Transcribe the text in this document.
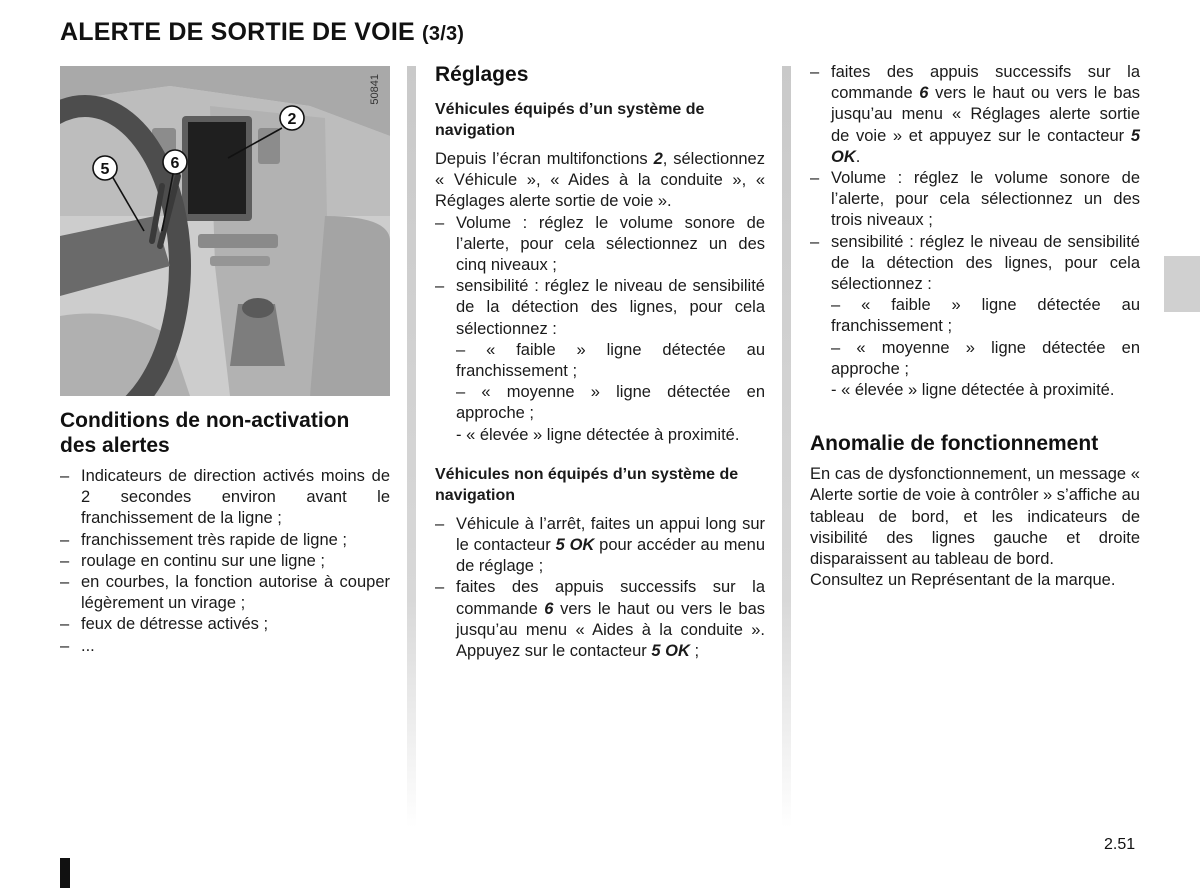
ALERTE DE SORTIE DE VOIE (3/3)
2
5	6
50841
Conditions de non-activation des alertes
– Indicateurs de direction activés moins de 2 secondes environ avant le franchissement de la ligne ;
– franchissement très rapide de ligne ;
– roulage en continu sur une ligne ;
– en courbes, la fonction autorise à couper légèrement un virage ;
– feux de détresse activés ;
– ...
Réglages
Véhicules équipés d’un système de navigation

Depuis l’écran multifonctions 2, sélectionnez « Véhicule », « Aides à la conduite », « Réglages alerte sortie de voie ».

– Volume : réglez le volume sonore de l’alerte, pour cela sélectionnez un des cinq niveaux ;
– sensibilité : réglez le niveau de sensibilité de la détection des lignes, pour cela sélectionnez :
– « faible » ligne détectée au franchissement ;
– « moyenne » ligne détectée en approche ;
- « élevée » ligne détectée à proximité.
Véhicules non équipés d’un système de navigation
– Véhicule à l’arrêt, faites un appui long sur le contacteur 5 OK pour accéder au menu de réglage ;
– faites des appuis successifs sur la commande 6 vers le haut ou vers le bas jusqu’au menu « Aides à la conduite ». Appuyez sur le contacteur 5 OK ;
– faites des appuis successifs sur la commande 6 vers le haut ou vers le bas jusqu’au menu « Réglages alerte sortie de voie » et appuyez sur le contacteur 5 OK.
– Volume : réglez le volume sonore de l’alerte, pour cela sélectionnez un des trois niveaux ;
– sensibilité : réglez le niveau de sensibilité de la détection des lignes, pour cela sélectionnez :
– « faible » ligne détectée au franchissement ;
– « moyenne » ligne détectée en approche ;
- « élevée » ligne détectée à proximité.
Anomalie de fonctionnement

En cas de dysfonctionnement, un message « Alerte sortie de voie à contrôler » s’affiche au tableau de bord, et les indicateurs de visibilité des lignes gauche et droite disparaissent au tableau de bord.

Consultez un Représentant de la marque.

2.51
